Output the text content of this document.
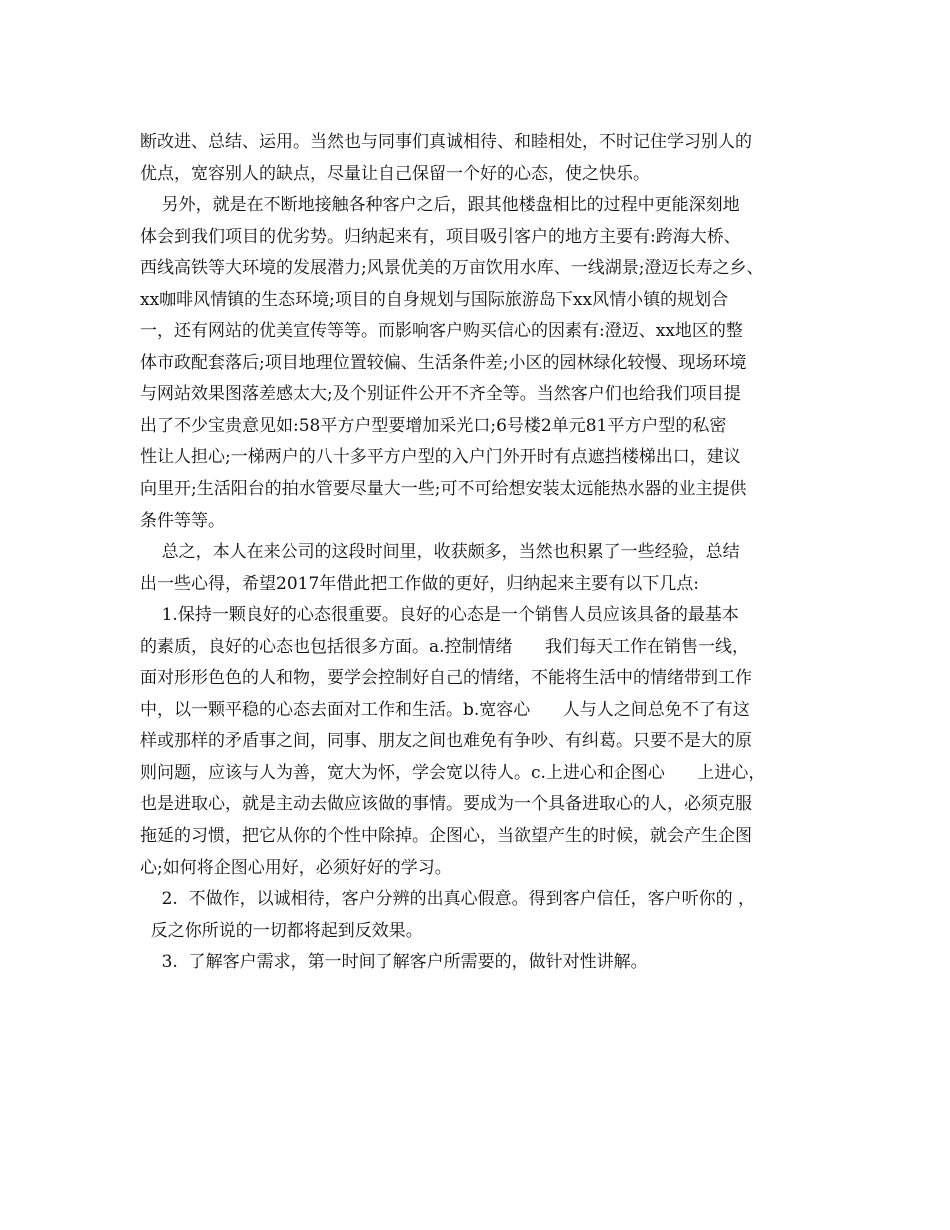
断改进、总结、运用。当然也与同事们真诚相待、和睦相处，不时记住学习别人的
优点，宽容别人的缺点，尽量让自己保留一个好的心态，使之快乐。
另外，就是在不断地接触各种客户之后，跟其他楼盘相比的过程中更能深刻地
体会到我们项目的优劣势。归纳起来有，项目吸引客户的地方主要有:跨海大桥、
西线高铁等大环境的发展潜力;风景优美的万亩饮用水库、一线湖景;澄迈长寿之乡、
xx咖啡风情镇的生态环境;项目的自身规划与国际旅游岛下xx风情小镇的规划合
一，还有网站的优美宣传等等。而影响客户购买信心的因素有:澄迈、xx地区的整
体市政配套落后;项目地理位置较偏、生活条件差;小区的园林绿化较慢、现场环境
与网站效果图落差感太大;及个别证件公开不齐全等。当然客户们也给我们项目提
出了不少宝贵意见如:58平方户型要增加采光口;6号楼2单元81平方户型的私密
性让人担心;一梯两户的八十多平方户型的入户门外开时有点遮挡楼梯出口，建议
向里开;生活阳台的拍水管要尽量大一些;可不可给想安装太远能热水器的业主提供
条件等等。
总之，本人在来公司的这段时间里，收获颇多，当然也积累了一些经验，总结
出一些心得，希望2017年借此把工作做的更好，归纳起来主要有以下几点:
1.保持一颗良好的心态很重要。良好的心态是一个销售人员应该具备的最基本
的素质，良好的心态也包括很多方面。a.控制情绪      我们每天工作在销售一线，
面对形形色色的人和物，要学会控制好自己的情绪，不能将生活中的情绪带到工作
中，以一颗平稳的心态去面对工作和生活。b.宽容心      人与人之间总免不了有这
样或那样的矛盾事之间，同事、朋友之间也难免有争吵、有纠葛。只要不是大的原
则问题，应该与人为善，宽大为怀，学会宽以待人。c.上进心和企图心      上进心，
也是进取心，就是主动去做应该做的事情。要成为一个具备进取心的人，必须克服
拖延的习惯，把它从你的个性中除掉。企图心，当欲望产生的时候，就会产生企图
心;如何将企图心用好，必须好好的学习。
2.  不做作，以诚相待，客户分辨的出真心假意。得到客户信任，客户听你的 ，
反之你所说的一切都将起到反效果。
3.  了解客户需求，第一时间了解客户所需要的，做针对性讲解。
